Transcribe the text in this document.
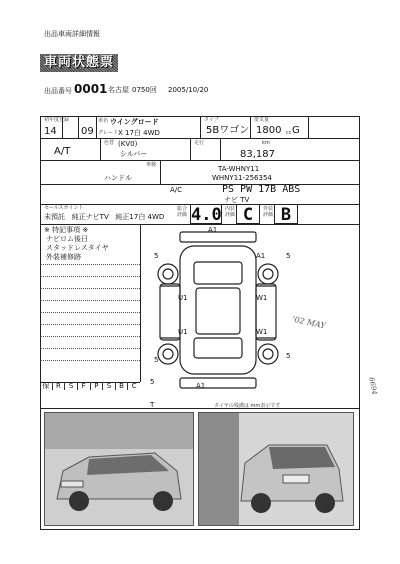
出品車両詳細情報
車両状態票
出品番号 0001 名古屋 0750回 2005/10/20
初年度登録
14 09
車名 ウイングロード
グレード X 17白 4WD
タイプ
5Bワゴン
排気量
1800 cc G
A/T
色替 (KV0)
シルバー
走行	km
83,187
ハンドル
A/C
車検	TA-WHNY11
WHNY11-256354
PS PW 17B ABS
ナビ TV
総合評価 4.0 内装評価 C	外装評価 B
セールスポイント
未預託   純正ナビTV   純正17白 4WD
※ 特記事項 ※
ナビロム後日
スタッドレスタイヤ
外装補修跡
A1
A1
U1	W1
U1	W1
A1
5	5
5	5
5
T
保 R	S	F	P	S	B	C
タイヤの残溝は mm表示です
'02 MAY
6694
